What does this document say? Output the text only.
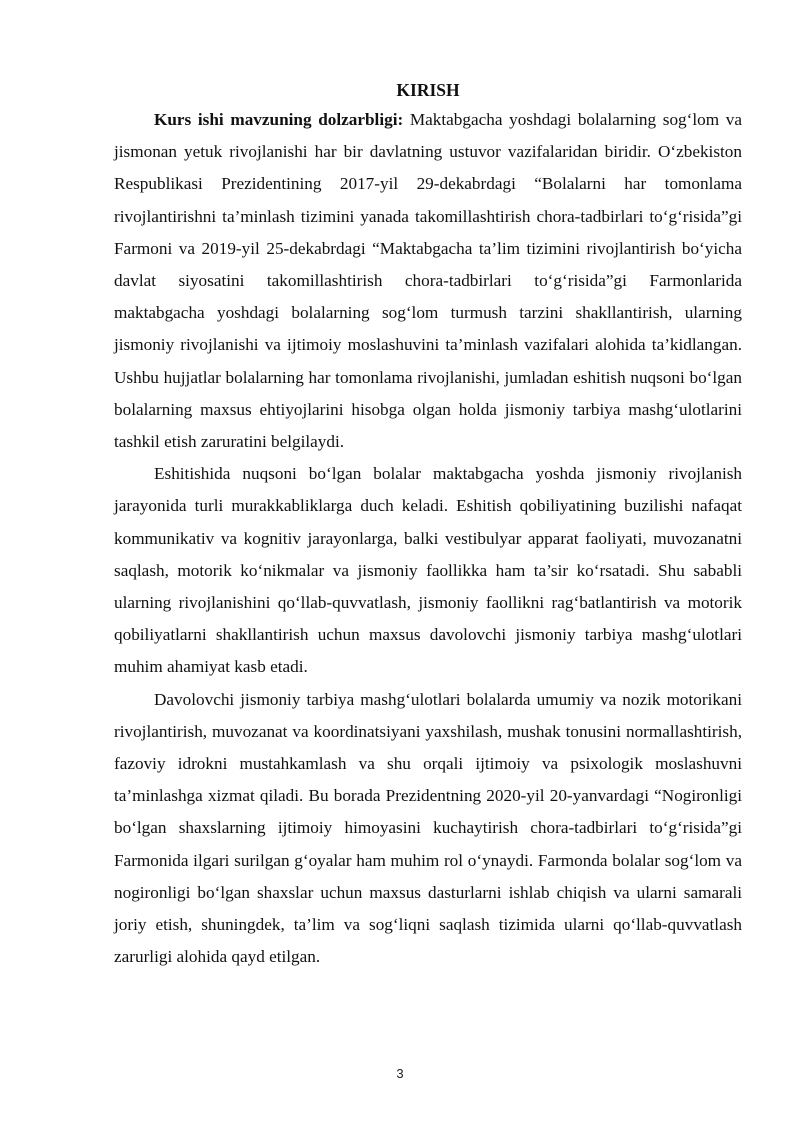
KIRISH

Kurs ishi mavzuning dolzarbligi: Maktabgacha yoshdagi bolalarning sog‘lom va jismonan yetuk rivojlanishi har bir davlatning ustuvor vazifalaridan biridir. O‘zbekiston Respublikasi Prezidentining 2017-yil 29-dekabrdagi “Bolalarni har tomonlama rivojlantirishni ta’minlash tizimini yanada takomillashtirish chora-tadbirlari to‘g‘risida”gi Farmoni va 2019-yil 25-dekabrdagi “Maktabgacha ta’lim tizimini rivojlantirish bo‘yicha davlat siyosatini takomillashtirish chora-tadbirlari to‘g‘risida”gi Farmonlarida maktabgacha yoshdagi bolalarning sog‘lom turmush tarzini shakllantirish, ularning jismoniy rivojlanishi va ijtimoiy moslashuvini ta’minlash vazifalari alohida ta’kidlangan. Ushbu hujjatlar bolalarning har tomonlama rivojlanishi, jumladan eshitish nuqsoni bo‘lgan bolalarning maxsus ehtiyojlarini hisobga olgan holda jismoniy tarbiya mashg‘ulotlarini tashkil etish zaruratini belgilaydi.

Eshitishida nuqsoni bo‘lgan bolalar maktabgacha yoshda jismoniy rivojlanish jarayonida turli murakkabliklarga duch keladi. Eshitish qobiliyatining buzilishi nafaqat kommunikativ va kognitiv jarayonlarga, balki vestibulyar apparat faoliyati, muvozanatni saqlash, motorik ko‘nikmalar va jismoniy faollikka ham ta’sir ko‘rsatadi. Shu sababli ularning rivojlanishini qo‘llab-quvvatlash, jismoniy faollikni rag‘batlantirish va motorik qobiliyatlarni shakllantirish uchun maxsus davolovchi jismoniy tarbiya mashg‘ulotlari muhim ahamiyat kasb etadi.

Davolovchi jismoniy tarbiya mashg‘ulotlari bolalarda umumiy va nozik motorikani rivojlantirish, muvozanat va koordinatsiyani yaxshilash, mushak tonusini normallashtirish, fazoviy idrokni mustahkamlash va shu orqali ijtimoiy va psixologik moslashuvni ta’minlashga xizmat qiladi. Bu borada Prezidentning 2020-yil 20-yanvardagi “Nogironligi bo‘lgan shaxslarning ijtimoiy himoyasini kuchaytirish chora-tadbirlari to‘g‘risida”gi Farmonida ilgari surilgan g‘oyalar ham muhim rol o‘ynaydi. Farmonda bolalar sog‘lom va nogironligi bo‘lgan shaxslar uchun maxsus dasturlarni ishlab chiqish va ularni samarali joriy etish, shuningdek, ta’lim va sog‘liqni saqlash tizimida ularni qo‘llab-quvvatlash zarurligi alohida qayd etilgan.

3
